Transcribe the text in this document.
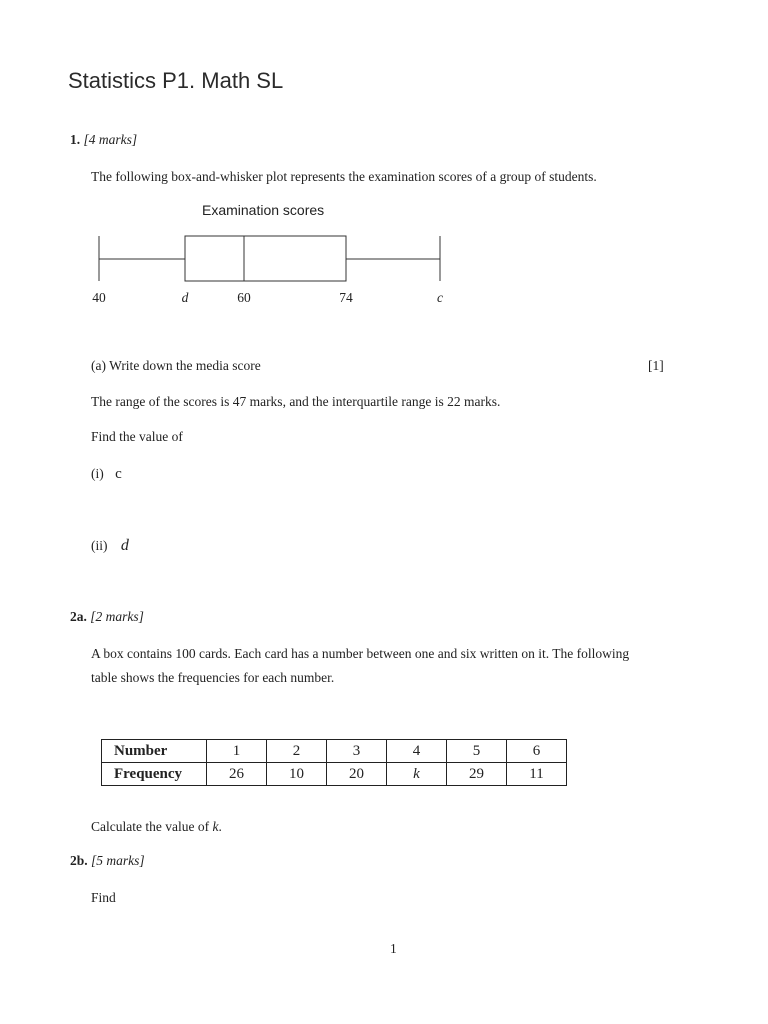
Statistics P1. Math SL
1. [4 marks]
The following box-and-whisker plot represents the examination scores of a group of students.
Examination scores
40	d	60	74	c
(a) Write down the media score	[1]
The range of the scores is 47 marks, and the interquartile range is 22 marks.
Find the value of
(i) c
(ii) d
2a. [2 marks]
A box contains 100 cards. Each card has a number between one and six written on it. The following
table shows the frequencies for each number.
Number	1	2	3	4	5	6
Frequency	26	10	20	k	29	11
Calculate the value of k.
2b. [5 marks]
Find
1
